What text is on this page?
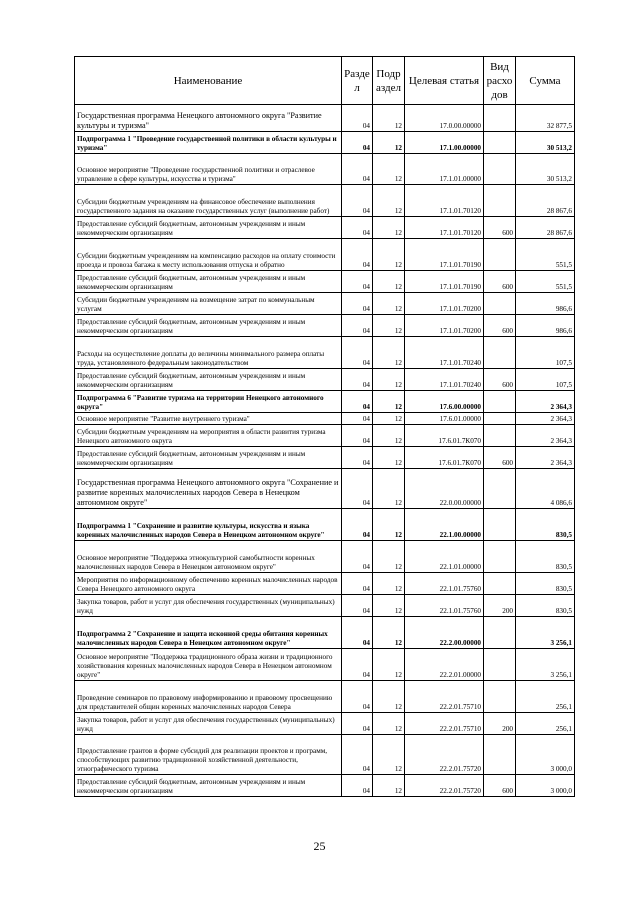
Наименование	Разде л	Подр аздел	Целевая статья	Вид расхо дов	Сумма
Государственная программа Ненецкого автономного округа "Развитие культуры и туризма"	04	12	17.0.00.00000		32 877,5
Подпрограмма 1 "Проведение государственной политики в области культуры и туризма"	04	12	17.1.00.00000		30 513,2
Основное мероприятие "Проведение государственной политики и отраслевое управление в сфере культуры, искусства и туризма"	04	12	17.1.01.00000		30 513,2
Субсидии бюджетным учреждениям на финансовое обеспечение выполнения государственного задания на оказание государственных услуг (выполнение работ)	04	12	17.1.01.70120		28 867,6
Предоставление субсидий бюджетным, автономным учреждениям и иным некоммерческим организациям	04	12	17.1.01.70120	600	28 867,6
Субсидии бюджетным учреждениям на компенсацию расходов на оплату стоимости проезда и провоза багажа к месту использования отпуска и обратно	04	12	17.1.01.70190		551,5
Предоставление субсидий бюджетным, автономным учреждениям и иным некоммерческим организациям	04	12	17.1.01.70190	600	551,5
Субсидии бюджетным учреждениям на возмещение затрат по коммунальным услугам	04	12	17.1.01.70200		986,6
Предоставление субсидий бюджетным, автономным учреждениям и иным некоммерческим организациям	04	12	17.1.01.70200	600	986,6
Расходы на осуществление доплаты до величины минимального размера оплаты труда, установленного федеральным законодательством	04	12	17.1.01.70240		107,5
Предоставление субсидий бюджетным, автономным учреждениям и иным некоммерческим организациям	04	12	17.1.01.70240	600	107,5
Подпрограмма 6 "Развитие туризма на территории Ненецкого автономного округа"	04	12	17.6.00.00000		2 364,3
Основное мероприятие "Развитие внутреннего туризма"	04	12	17.6.01.00000		2 364,3
Субсидии бюджетным учреждениям на мероприятия в области развития туризма Ненецкого автономного округа	04	12	17.6.01.7К070		2 364,3
Предоставление субсидий бюджетным, автономным учреждениям и иным некоммерческим организациям	04	12	17.6.01.7К070	600	2 364,3
Государственная программа Ненецкого автономного округа "Сохранение и развитие коренных малочисленных народов Севера в Ненецком автономном округе"	04	12	22.0.00.00000		4 086,6
Подпрограмма 1 "Сохранение и развитие культуры, искусства и языка коренных малочисленных народов Севера в Ненецком автономном округе"	04	12	22.1.00.00000		830,5
Основное мероприятие "Поддержка этнокультурной самобытности коренных малочисленных народов Севера в Ненецком автономном округе"	04	12	22.1.01.00000		830,5
Мероприятия по информационному обеспечению коренных малочисленных народов Севера Ненецкого автономного округа	04	12	22.1.01.75760		830,5
Закупка товаров, работ и услуг для обеспечения государственных (муниципальных) нужд	04	12	22.1.01.75760	200	830,5
Подпрограмма 2 "Сохранение и защита исконной среды обитания коренных малочисленных народов Севера в Ненецком автономном округе"	04	12	22.2.00.00000		3 256,1
Основное мероприятие "Поддержка традиционного образа жизни и традиционного хозяйствования коренных малочисленных народов Севера в Ненецком автономном округе"	04	12	22.2.01.00000		3 256,1
Проведение семинаров по правовому информированию и правовому просвещению для представителей общин коренных малочисленных народов Севера	04	12	22.2.01.75710		256,1
Закупка товаров, работ и услуг для обеспечения государственных (муниципальных) нужд	04	12	22.2.01.75710	200	256,1
Предоставление грантов в форме субсидий для реализации проектов и программ, способствующих развитию традиционной хозяйственной деятельности, этнографического туризма	04	12	22.2.01.75720		3 000,0
Предоставление субсидий бюджетным, автономным учреждениям и иным некоммерческим организациям	04	12	22.2.01.75720	600	3 000,0
25
